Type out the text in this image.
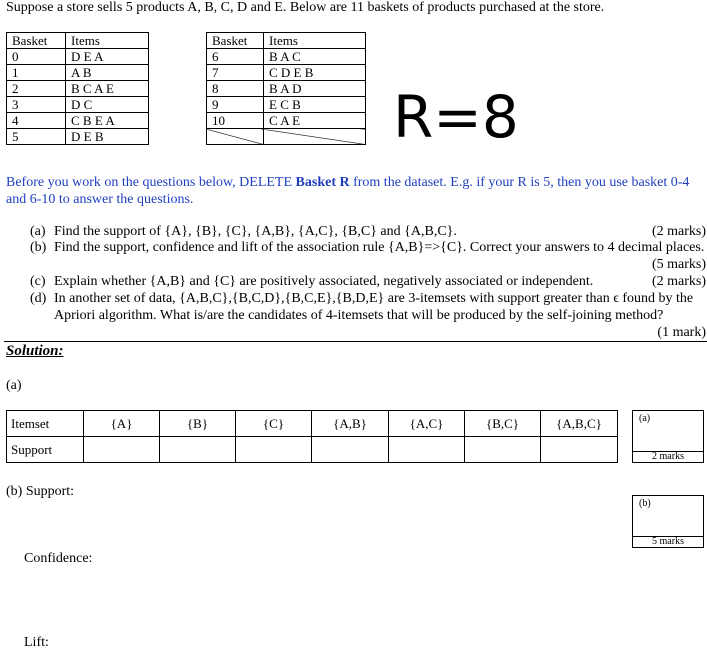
Suppose a store sells 5 products A, B, C, D and E. Below are 11 baskets of products purchased at the store.
Basket	Items
0	D E A
1	A B
2	B C A E
3	D C
4	C B E A
5	D E B
Basket	Items
6	B A C
7	C D E B
8	B A D
9	E C B
10	C A E
	R=8
Before you work on the questions below, DELETE Basket R from the dataset. E.g. if your R is 5, then you use basket 0-4 and 6-10 to answer the questions.
(a) Find the support of {A}, {B}, {C}, {A,B}, {A,C}, {B,C} and {A,B,C}.	(2 marks)
(b) Find the support, confidence and lift of the association rule {A,B}=>{C}. Correct your answers to 4 decimal places.
(5 marks)
(c) Explain whether {A,B} and {C} are positively associated, negatively associated or independent.	(2 marks)
(d) In another set of data, {A,B,C},{B,C,D},{B,C,E},{B,D,E} are 3-itemsets with support greater than ϵ found by the Apriori algorithm. What is/are the candidates of 4-itemsets that will be produced by the self-joining method?
(1 mark)
Solution:
(a)
Itemset	{A}	{B}	{C}	{A,B}	{A,C}	{B,C}	{A,B,C}
Support							
(a)
2 marks
(b) Support:
(b)
5 marks
Confidence:
Lift:
